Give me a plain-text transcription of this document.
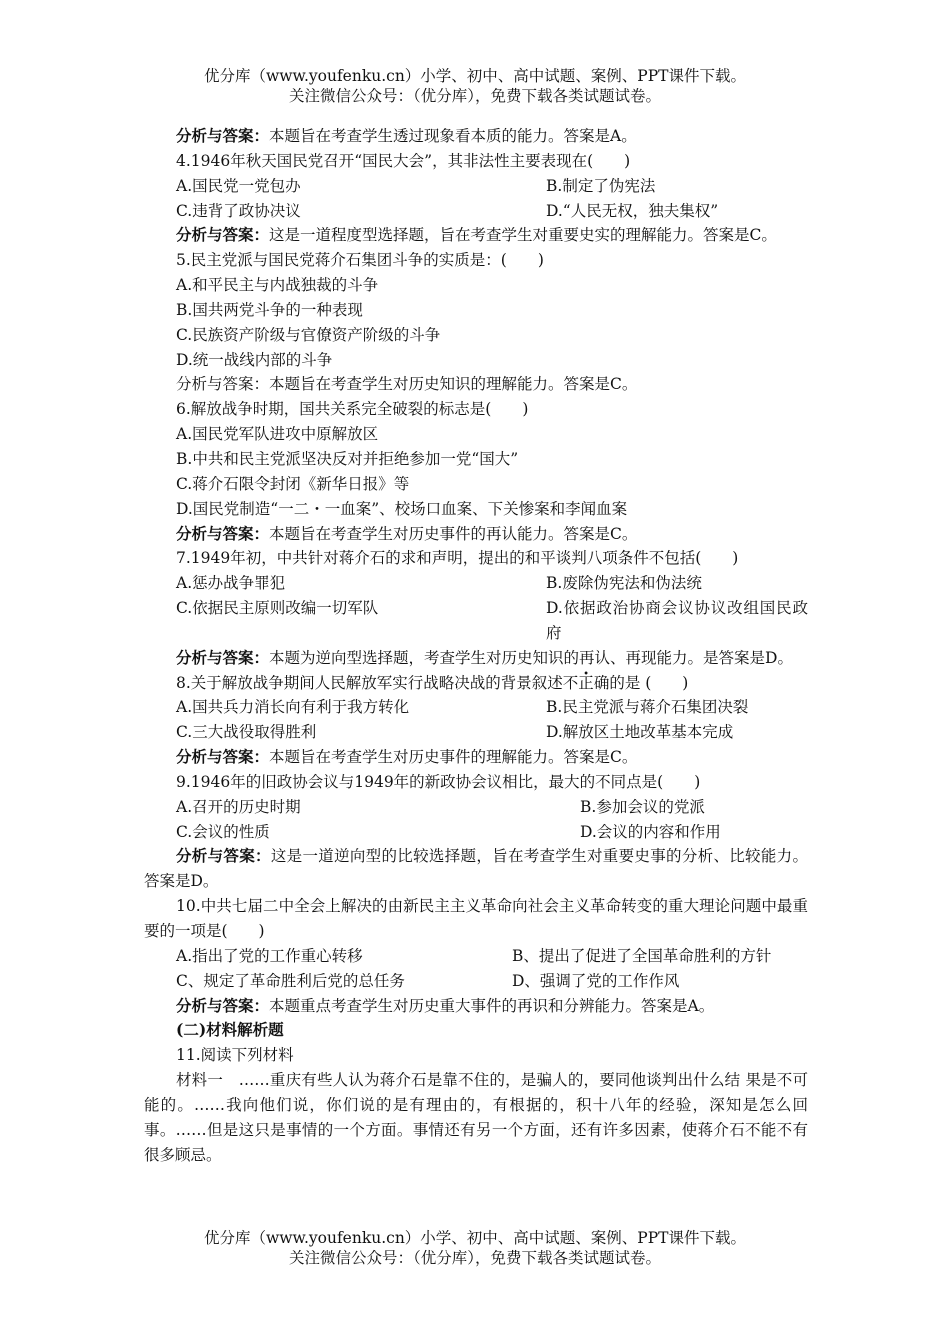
优分库（www.youfenku.cn）小学、初中、高中试题、案例、PPT课件下载。
关注微信公众号：（优分库），免费下载各类试题试卷。
分析与答案：本题旨在考查学生透过现象看本质的能力。答案是A。
4.1946年秋天国民党召开“国民大会”，其非法性主要表现在(　　)
A.国民党一党包办	B.制定了伪宪法
C.违背了政协决议	D.“人民无权，独夫集权”
分析与答案：这是一道程度型选择题，旨在考查学生对重要史实的理解能力。答案是C。
5.民主党派与国民党蒋介石集团斗争的实质是：(　　)
A.和平民主与内战独裁的斗争
B.国共两党斗争的一种表现
C.民族资产阶级与官僚资产阶级的斗争
D.统一战线内部的斗争
分析与答案：本题旨在考查学生对历史知识的理解能力。答案是C。
6.解放战争时期，国共关系完全破裂的标志是(　　)
A.国民党军队进攻中原解放区
B.中共和民主党派坚决反对并拒绝参加一党“国大”
C.蒋介石限令封闭《新华日报》等
D.国民党制造“一二・一血案”、校场口血案、下关惨案和李闻血案
分析与答案：本题旨在考查学生对历史事件的再认能力。答案是C。
7.1949年初，中共针对蒋介石的求和声明，提出的和平谈判八项条件不包括(　　)
A.惩办战争罪犯	B.废除伪宪法和伪法统
C.依据民主原则改编一切军队	D.依据政治协商会议协议改组国民政府
分析与答案：本题为逆向型选择题，考查学生对历史知识的再认、再现能力。是答案是D。
8.关于解放战争期间人民解放军实行战略决战的背景叙述不正确的是 (　　)
A.国共兵力消长向有利于我方转化	B.民主党派与蒋介石集团决裂
C.三大战役取得胜利	D.解放区土地改革基本完成
分析与答案：本题旨在考查学生对历史事件的理解能力。答案是C。
9.1946年的旧政协会议与1949年的新政协会议相比，最大的不同点是(　　)
A.召开的历史时期	B.参加会议的党派
C.会议的性质	D.会议的内容和作用
分析与答案：这是一道逆向型的比较选择题，旨在考查学生对重要史事的分析、比较能力。答案是D。
10.中共七届二中全会上解决的由新民主主义革命向社会主义革命转变的重大理论问题中最重要的一项是(　　)
A.指出了党的工作重心转移	B、提出了促进了全国革命胜利的方针
C、规定了革命胜利后党的总任务	D、强调了党的工作作风
分析与答案：本题重点考查学生对历史重大事件的再识和分辨能力。答案是A。
(二)材料解析题
11.阅读下列材料
材料一　……重庆有些人认为蒋介石是靠不住的，是骗人的，要同他谈判出什么结 果是不可能的。……我向他们说，你们说的是有理由的，有根据的，积十八年的经验，深知是怎么回事。……但是这只是事情的一个方面。事情还有另一个方面，还有许多因素，使蒋介石不能不有很多顾忌。
优分库（www.youfenku.cn）小学、初中、高中试题、案例、PPT课件下载。
关注微信公众号：（优分库），免费下载各类试题试卷。
